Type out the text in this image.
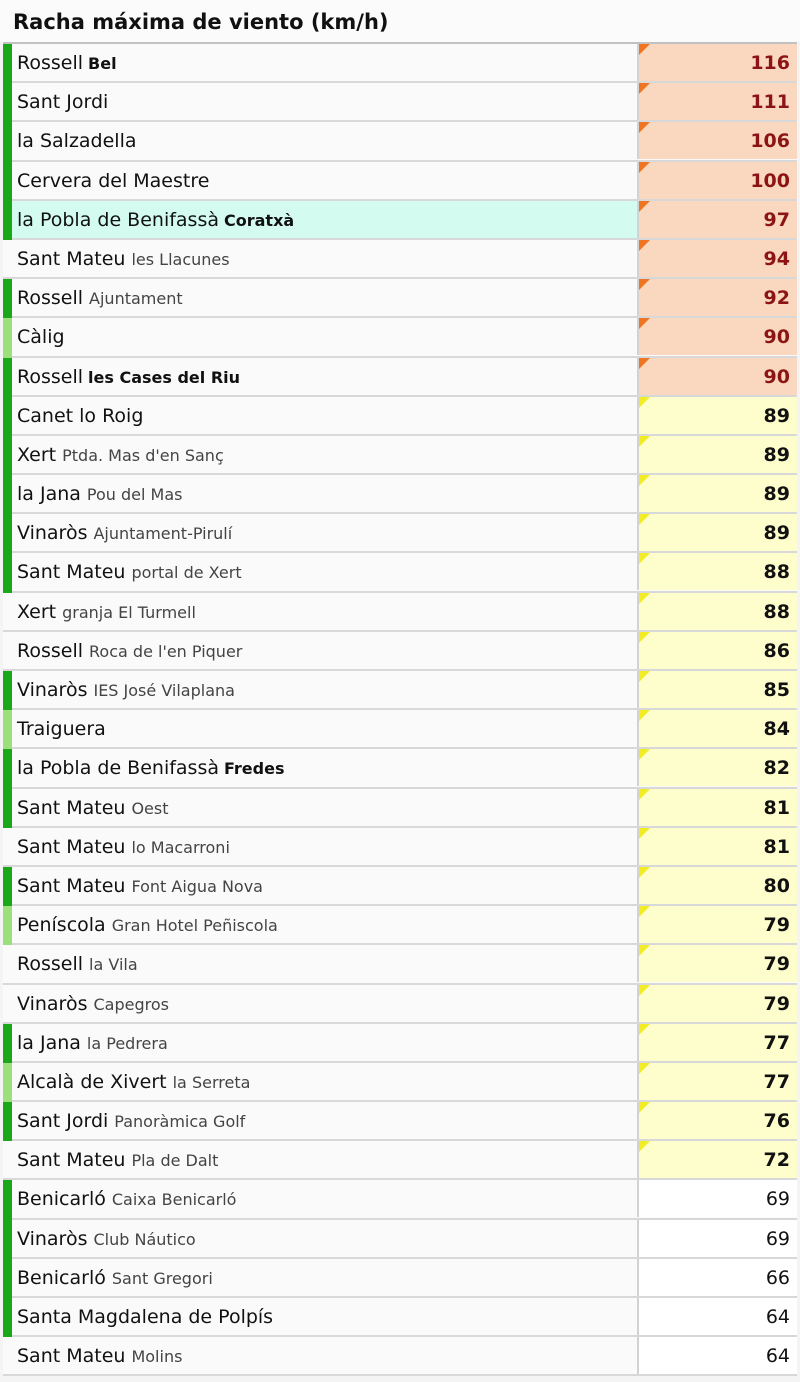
Racha máxima de viento (km/h)
Rossell Bel	116
Sant Jordi	111
la Salzadella	106
Cervera del Maestre	100
la Pobla de Benifassà Coratxà	97
Sant Mateu les Llacunes	94
Rossell Ajuntament	92
Càlig	90
Rossell les Cases del Riu	90
Canet lo Roig	89
Xert Ptda. Mas d'en Sanç	89
la Jana Pou del Mas	89
Vinaròs Ajuntament-Pirulí	89
Sant Mateu portal de Xert	88
Xert granja El Turmell	88
Rossell Roca de l'en Piquer	86
Vinaròs IES José Vilaplana	85
Traiguera	84
la Pobla de Benifassà Fredes	82
Sant Mateu Oest	81
Sant Mateu lo Macarroni	81
Sant Mateu Font Aigua Nova	80
Peníscola Gran Hotel Peñiscola	79
Rossell la Vila	79
Vinaròs Capegros	79
la Jana la Pedrera	77
Alcalà de Xivert la Serreta	77
Sant Jordi Panoràmica Golf	76
Sant Mateu Pla de Dalt	72
Benicarló Caixa Benicarló	69
Vinaròs Club Náutico	69
Benicarló Sant Gregori	66
Santa Magdalena de Polpís	64
Sant Mateu Molins	64
